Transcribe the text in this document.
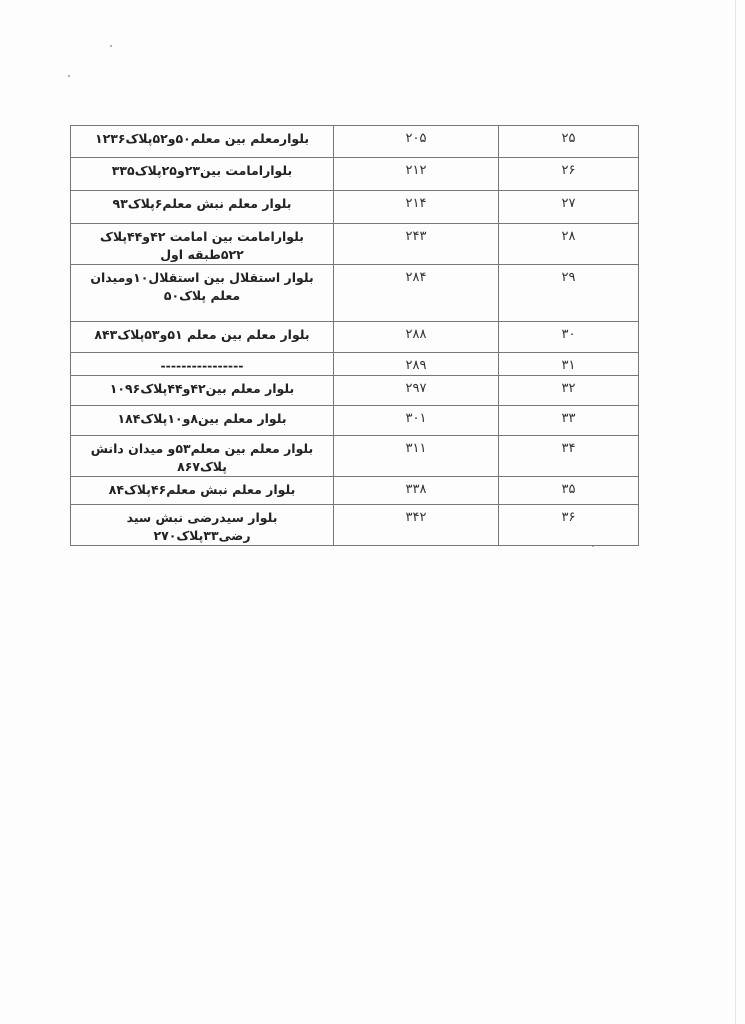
۲۵	۲۰۵	بلوارمعلم بین معلم۵۰و۵۲پلاک۱۲۳۶
۲۶	۲۱۲	بلوارامامت بین۲۳و۲۵پلاک۳۳۵
۲۷	۲۱۴	بلوار معلم نبش معلم۶پلاک۹۳
۲۸	۲۴۳	بلوارامامت بین امامت ۴۲و۴۴پلاک ۵۲۲طبقه اول
۲۹	۲۸۴	بلوار استقلال بین استقلال۱۰ومیدان معلم پلاک۵۰
۳۰	۲۸۸	بلوار معلم بین معلم ۵۱و۵۳پلاک۸۴۳
۳۱	۲۸۹	----------------
۳۲	۲۹۷	بلوار معلم بین۴۲و۴۴پلاک۱۰۹۶
۳۳	۳۰۱	بلوار معلم بین۸و۱۰پلاک۱۸۴
۳۴	۳۱۱	بلوار معلم بین معلم۵۳و میدان دانش پلاک۸۶۷
۳۵	۳۳۸	بلوار معلم نبش معلم۴۶پلاک۸۴
۳۶	۳۴۲	بلوار سیدرضی نبش سید رضی۳۳پلاک۲۷۰
